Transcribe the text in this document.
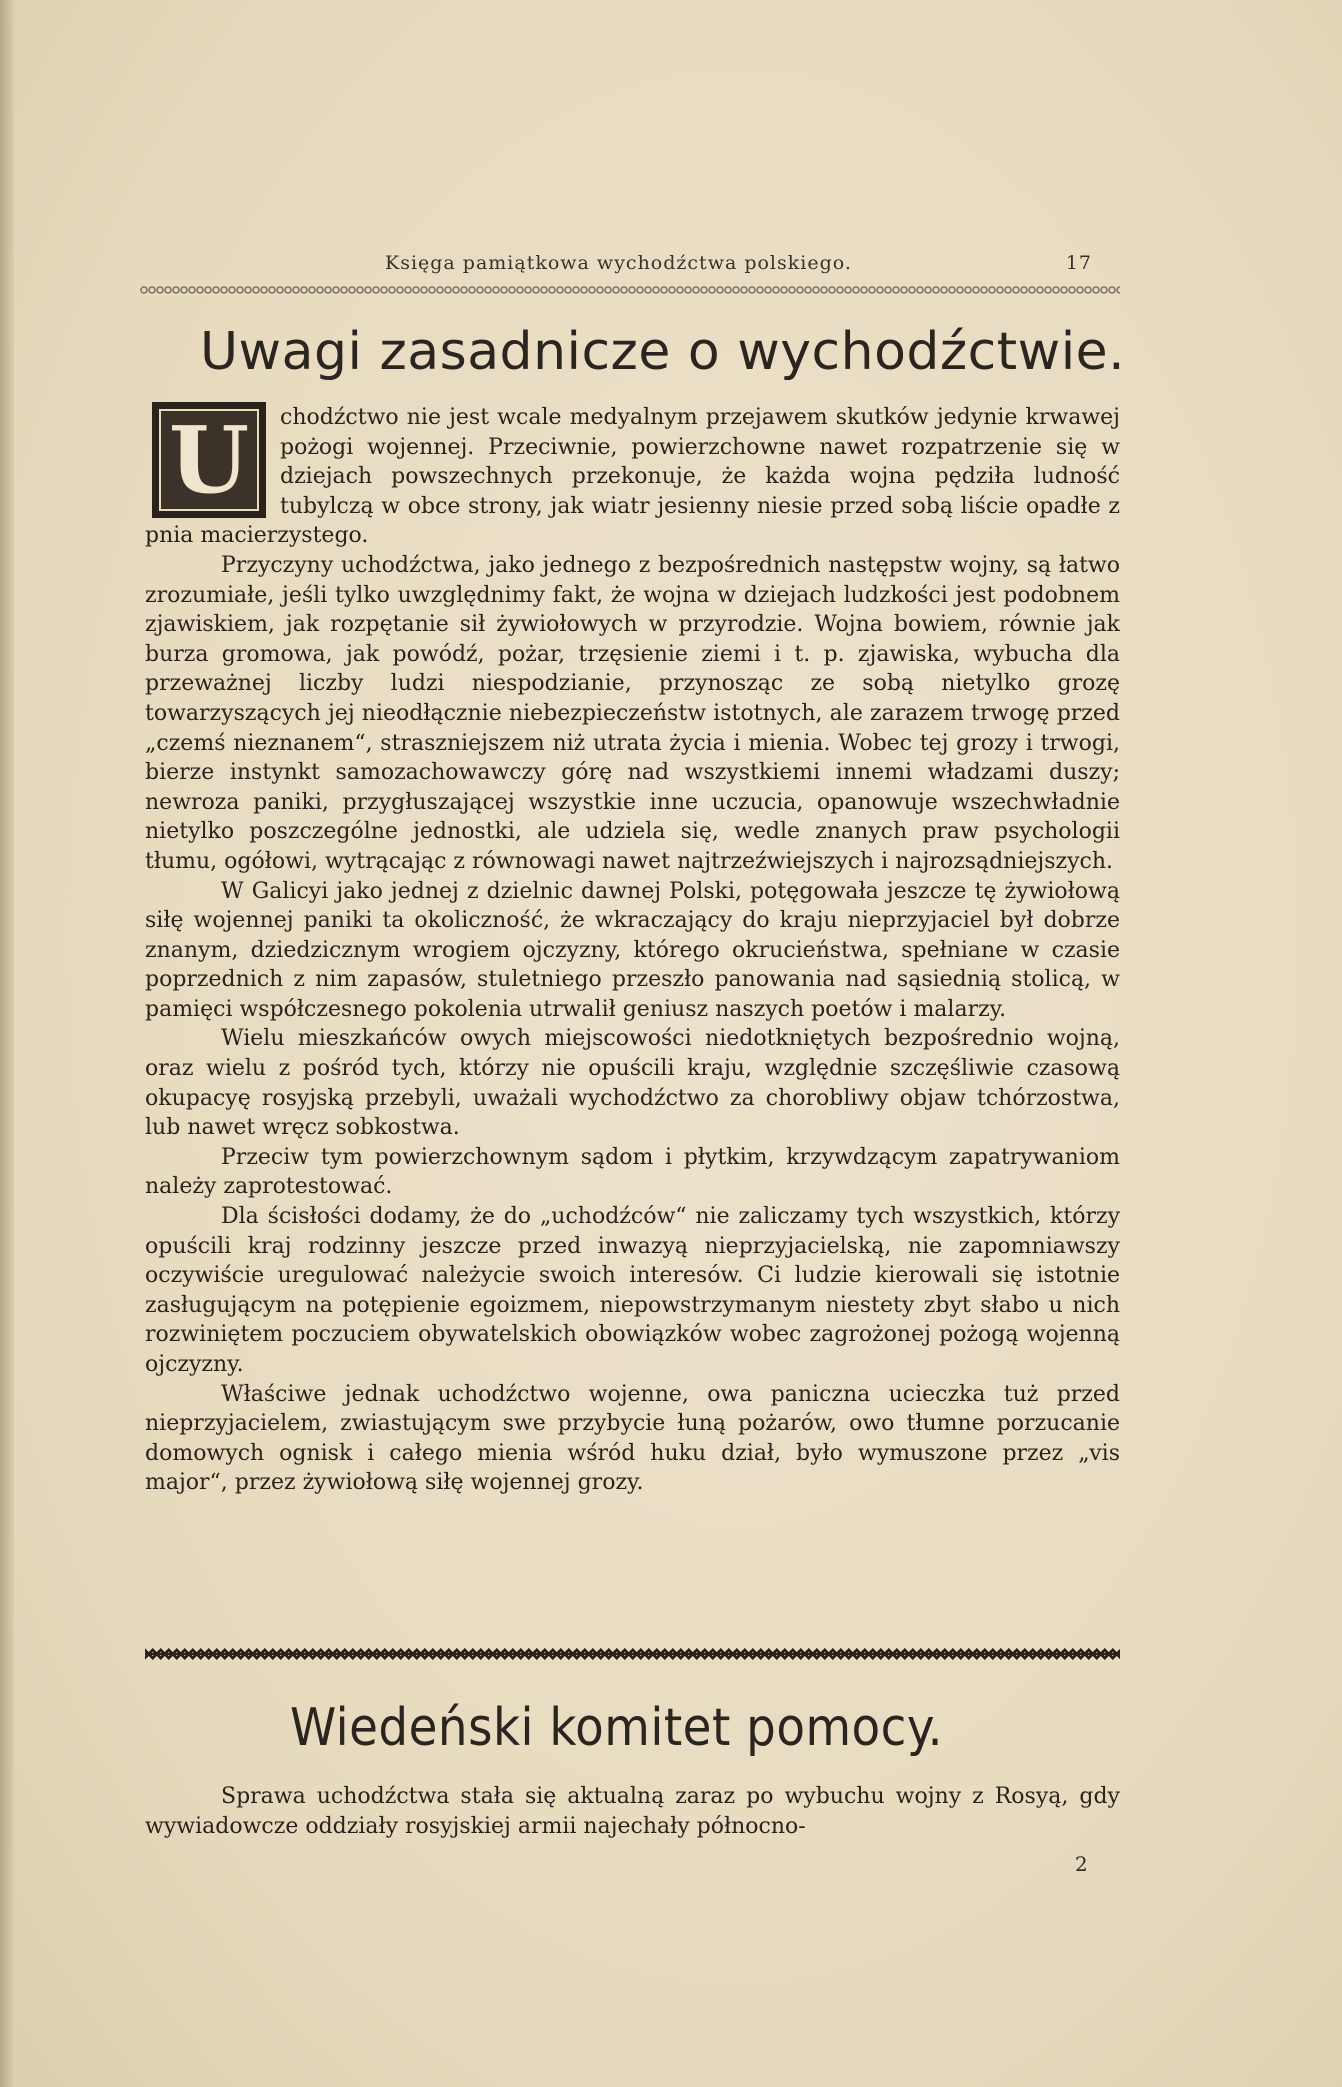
Księga pamiątkowa wychodźctwa polskiego.	17
Uwagi zasadnicze o wychodźctwie.
U	chodźctwo nie jest wcale medyalnym przejawem skutków jedynie krwawej pożogi wojennej. Przeciwnie, powierzchowne nawet rozpatrzenie się w dziejach powszechnych przekonuje, że każda wojna pędziła ludność tubylczą w obce strony, jak wiatr jesienny niesie przed sobą liście opadłe z pnia macierzystego.

Przyczyny uchodźctwa, jako jednego z bezpośrednich następstw wojny, są łatwo zrozumiałe, jeśli tylko uwzględnimy fakt, że wojna w dziejach ludzkości jest podobnem zjawiskiem, jak rozpętanie sił żywiołowych w przyrodzie. Wojna bowiem, równie jak burza gromowa, jak powódź, pożar, trzęsienie ziemi i t. p. zjawiska, wybucha dla przeważnej liczby ludzi niespodzianie, przynosząc ze sobą nietylko grozę towarzyszących jej nieodłącznie niebezpieczeństw istotnych, ale zarazem trwogę przed „czemś nieznanem“, straszniejszem niż utrata życia i mienia. Wobec tej grozy i trwogi, bierze instynkt samozachowawczy górę nad wszystkiemi innemi władzami duszy; newroza paniki, przygłuszającej wszystkie inne uczucia, opanowuje wszechwładnie nietylko poszczególne jednostki, ale udziela się, wedle znanych praw psychologii tłumu, ogółowi, wytrącając z równowagi nawet najtrzeźwiejszych i najrozsądniejszych.

W Galicyi jako jednej z dzielnic dawnej Polski, potęgowała jeszcze tę żywiołową siłę wojennej paniki ta okoliczność, że wkraczający do kraju nieprzyjaciel był dobrze znanym, dziedzicznym wrogiem ojczyzny, którego okrucieństwa, spełniane w czasie poprzednich z nim zapasów, stuletniego przeszło panowania nad sąsiednią stolicą, w pamięci współczesnego pokolenia utrwalił geniusz naszych poetów i malarzy.

Wielu mieszkańców owych miejscowości niedotkniętych bezpośrednio wojną, oraz wielu z pośród tych, którzy nie opuścili kraju, względnie szczęśliwie czasową okupacyę rosyjską przebyli, uważali wychodźctwo za chorobliwy objaw tchórzostwa, lub nawet wręcz sobkostwa.

Przeciw tym powierzchownym sądom i płytkim, krzywdzącym zapatrywaniom należy zaprotestować.

Dla ścisłości dodamy, że do „uchodźców“ nie zaliczamy tych wszystkich, którzy opuścili kraj rodzinny jeszcze przed inwazyą nieprzyjacielską, nie zapomniawszy oczywiście uregulować należycie swoich interesów. Ci ludzie kierowali się istotnie zasługującym na potępienie egoizmem, niepowstrzymanym niestety zbyt słabo u nich rozwiniętem poczuciem obywatelskich obowiązków wobec zagrożonej pożogą wojenną ojczyzny.

Właściwe jednak uchodźctwo wojenne, owa paniczna ucieczka tuż przed nieprzyjacielem, zwiastującym swe przybycie łuną pożarów, owo tłumne porzucanie domowych ognisk i całego mienia wśród huku dział, było wymuszone przez „vis major“, przez żywiołową siłę wojennej grozy.

Wiedeński komitet pomocy.

Sprawa uchodźctwa stała się aktualną zaraz po wybuchu wojny z Rosyą, gdy wywiadowcze oddziały rosyjskiej armii najechały północno-

2
